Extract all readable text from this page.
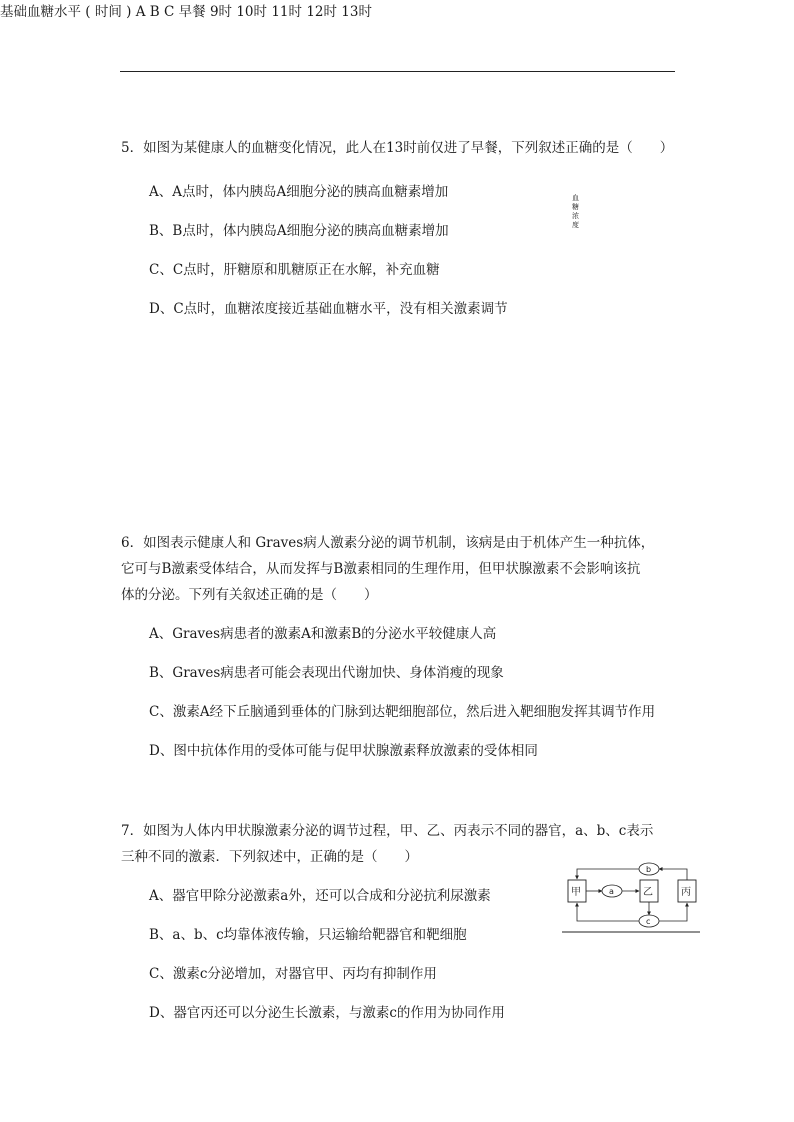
5．如图为某健康人的血糖变化情况，此人在13时前仅进了早餐，下列叙述正确的是（　　）

A、A点时，体内胰岛A细胞分泌的胰高血糖素增加
B、B点时，体内胰岛A细胞分泌的胰高血糖素增加
C、C点时，肝糖原和肌糖原正在水解，补充血糖
D、C点时，血糖浓度接近基础血糖水平，没有相关激素调节
血
糖
浓
度
基础血糖水平 ( 时间 ) A B C 早餐 9时 10时 11时 12时 13时

6．如图表示健康人和 Graves病人激素分泌的调节机制，该病是由于机体产生一种抗体，

它可与B激素受体结合，从而发挥与B激素相同的生理作用，但甲状腺激素不会影响该抗

体的分泌。下列有关叙述正确的是（　　）

A、Graves病患者的激素A和激素B的分泌水平较健康人高
B、Graves病患者可能会表现出代谢加快、身体消瘦的现象
C、激素A经下丘脑通到垂体的门脉到达靶细胞部位，然后进入靶细胞发挥其调节作用
D、图中抗体作用的受体可能与促甲状腺激素释放激素的受体相同

7．如图为人体内甲状腺激素分泌的调节过程，甲、乙、丙表示不同的器官，a、b、c表示

三种不同的激素．下列叙述中，正确的是（　　）

A、器官甲除分泌激素a外，还可以合成和分泌抗利尿激素
B、a、b、c均靠体液传输，只运输给靶器官和靶细胞
C、激素c分泌增加，对器官甲、丙均有抑制作用
D、器官丙还可以分泌生长激素，与激素c的作用为协同作用
甲	乙	丙
a
b
c
